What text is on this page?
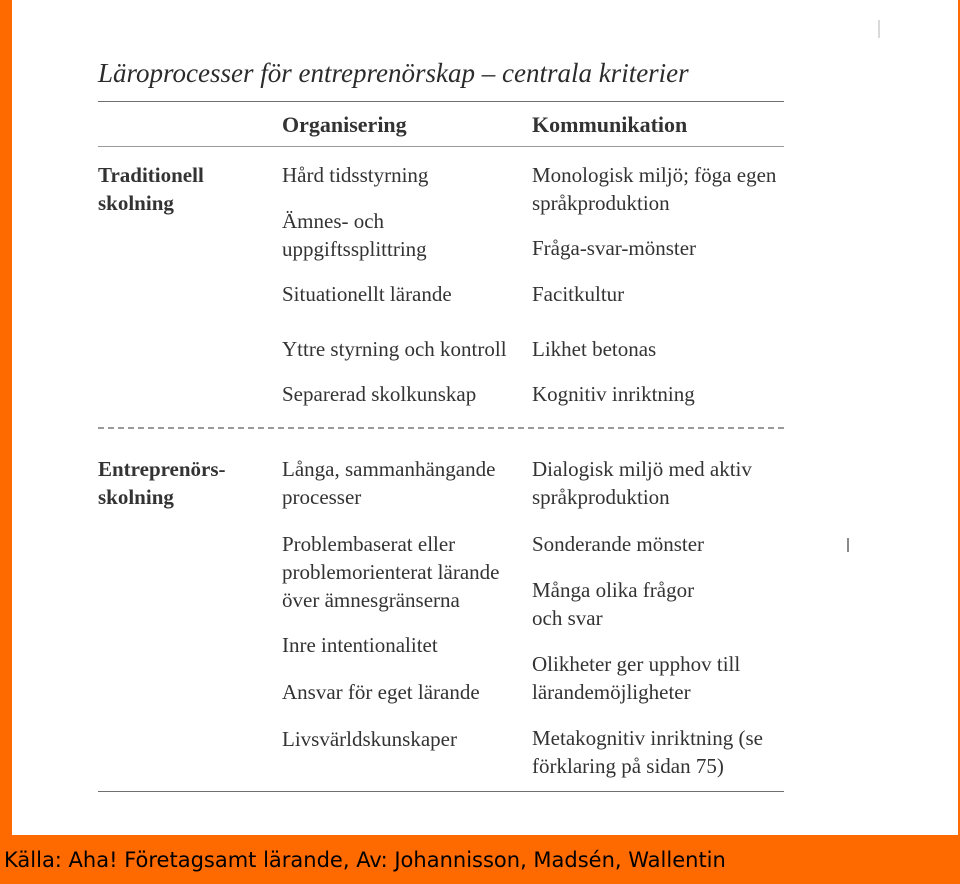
Läroprocesser för entreprenörskap – centrala kriterier
Organisering	Kommunikation
Traditionell
skolning
Hård tidsstyrning
Ämnes- och
uppgiftssplittring
Situationellt lärande
Yttre styrning och kontroll
Separerad skolkunskap
Monologisk miljö; föga egen
språkproduktion
Fråga-svar-mönster
Facitkultur
Likhet betonas
Kognitiv inriktning
Entreprenörs-
skolning
Långa, sammanhängande
processer
Problembaserat eller
problemorienterat lärande
över ämnesgränserna
Inre intentionalitet
Ansvar för eget lärande
Livsvärldskunskaper
Dialogisk miljö med aktiv
språkproduktion
Sonderande mönster
Många olika frågor
och svar
Olikheter ger upphov till
lärandemöjligheter
Metakognitiv inriktning (se
förklaring på sidan 75)
Källa: Aha! Företagsamt lärande, Av: Johannisson, Madsén, Wallentin
